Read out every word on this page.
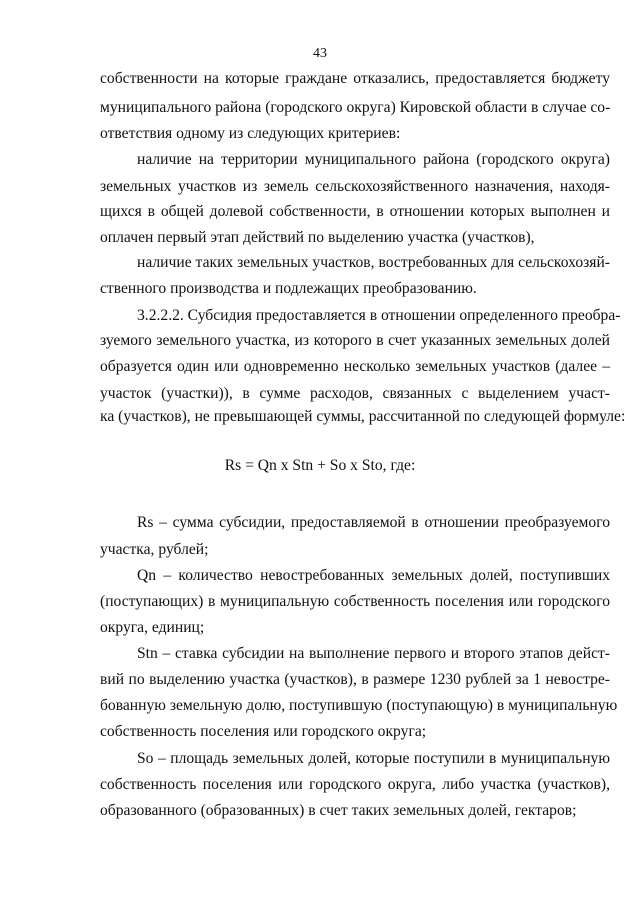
43
собственности на которые граждане отказались, предоставляется бюджету
муниципального района (городского округа) Кировской области в случае со-
ответствия одному из следующих критериев:
наличие на территории муниципального района (городского округа)
земельных участков из земель сельскохозяйственного назначения, находя-
щихся в общей долевой собственности, в отношении которых выполнен и
оплачен первый этап действий по выделению участка (участков),
наличие таких земельных участков, востребованных для сельскохозяй-
ственного производства и подлежащих преобразованию.
3.2.2.2. Субсидия предоставляется в отношении определенного преобра-
зуемого земельного участка, из которого в счет указанных земельных долей
образуется один или одновременно несколько земельных участков (далее –
участок (участки)), в сумме расходов, связанных с выделением участ-
ка (участков), не превышающей суммы, рассчитанной по следующей формуле:
Rs = Qn x Stn + So x Sto, где:
Rs – сумма субсидии, предоставляемой в отношении преобразуемого
участка, рублей;
Qn – количество невостребованных земельных долей, поступивших
(поступающих) в муниципальную собственность поселения или городского
округа, единиц;
Stn – ставка субсидии на выполнение первого и второго этапов дейст-
вий по выделению участка (участков), в размере 1230 рублей за 1 невостре-
бованную земельную долю, поступившую (поступающую) в муниципальную
собственность поселения или городского округа;
So – площадь земельных долей, которые поступили в муниципальную
собственность поселения или городского округа, либо участка (участков),
образованного (образованных) в счет таких земельных долей, гектаров;
